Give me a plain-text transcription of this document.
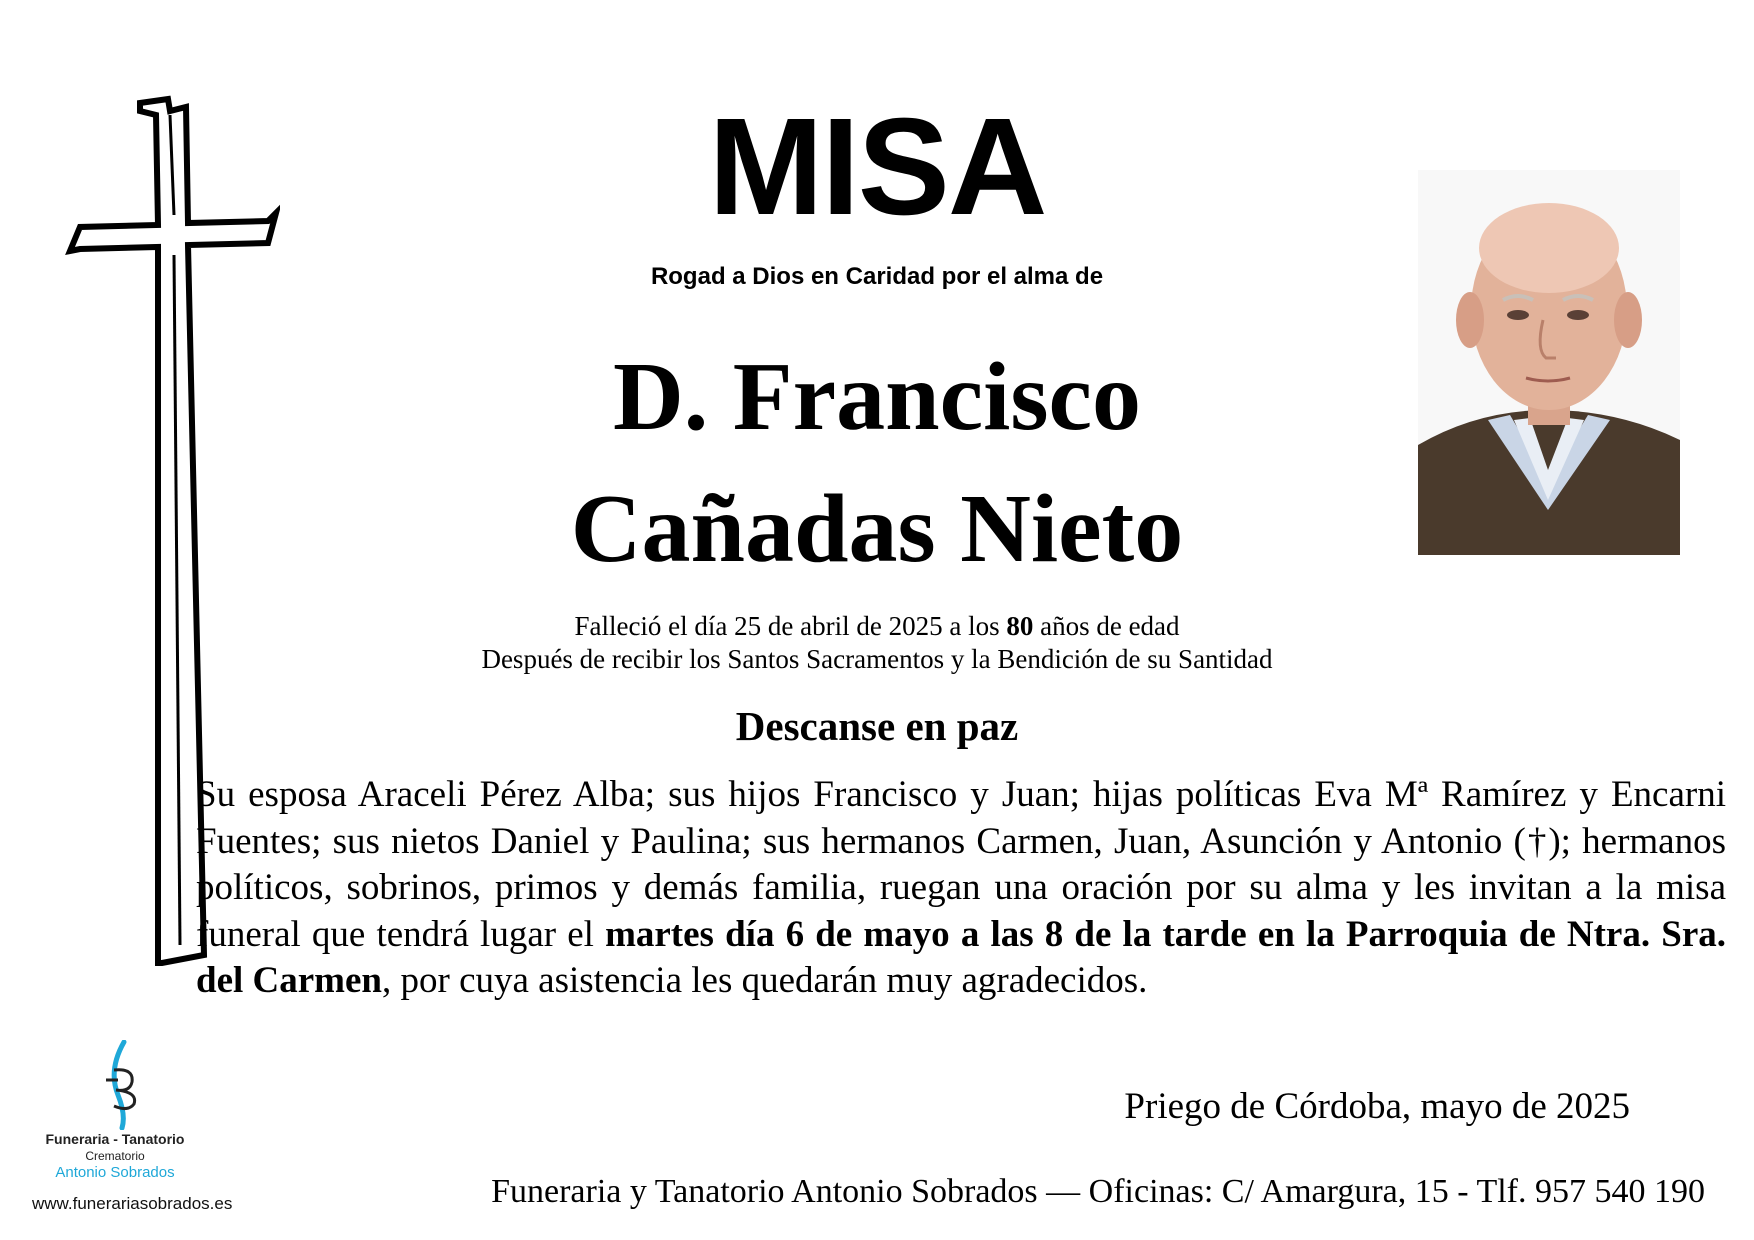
MISA
Rogad a Dios en Caridad por el alma de
D. Francisco
Cañadas Nieto
Falleció el día 25 de abril de 2025 a los 80 años de edad
Después de recibir los Santos Sacramentos y la Bendición de su Santidad
Descanse en paz
Su esposa Araceli Pérez Alba; sus hijos Francisco y Juan; hijas políticas Eva Mª Ramírez y Encarni Fuentes; sus nietos Daniel y Paulina; sus hermanos Carmen, Juan, Asunción y Antonio (†); hermanos políticos, sobrinos, primos y demás familia, ruegan una oración por su alma y les invitan a la misa funeral que tendrá lugar el martes día 6 de mayo a las 8 de la tarde en la Parroquia de Ntra. Sra. del Carmen, por cuya asistencia les quedarán muy agradecidos.
Priego de Córdoba, mayo de 2025
Funeraria - Tanatorio
Crematorio
Antonio Sobrados
www.funerariasobrados.es	Funeraria y Tanatorio Antonio Sobrados — Oficinas: C/ Amargura, 15 - Tlf. 957 540 190
